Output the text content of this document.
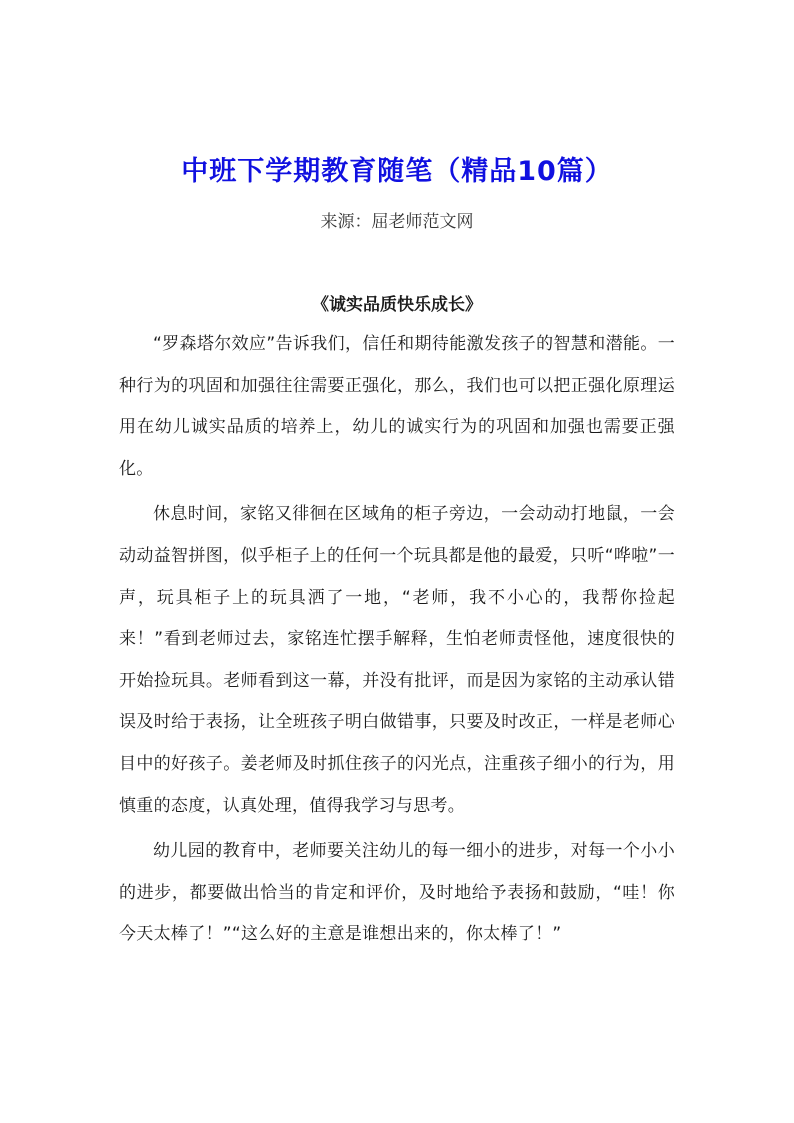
中班下学期教育随笔（精品10篇）
来源：屈老师范文网
《诚实品质快乐成长》

“罗森塔尔效应”告诉我们，信任和期待能激发孩子的智慧和潜能。一种行为的巩固和加强往往需要正强化，那么，我们也可以把正强化原理运用在幼儿诚实品质的培养上，幼儿的诚实行为的巩固和加强也需要正强化。

休息时间，家铭又徘徊在区域角的柜子旁边，一会动动打地鼠，一会动动益智拼图，似乎柜子上的任何一个玩具都是他的最爱，只听“哗啦”一声，玩具柜子上的玩具洒了一地，“老师，我不小心的，我帮你捡起来！”看到老师过去，家铭连忙摆手解释，生怕老师责怪他，速度很快的开始捡玩具。老师看到这一幕，并没有批评，而是因为家铭的主动承认错误及时给于表扬，让全班孩子明白做错事，只要及时改正，一样是老师心目中的好孩子。姜老师及时抓住孩子的闪光点，注重孩子细小的行为，用慎重的态度，认真处理，值得我学习与思考。

幼儿园的教育中，老师要关注幼儿的每一细小的进步，对每一个小小的进步，都要做出恰当的肯定和评价，及时地给予表扬和鼓励，“哇！你今天太棒了！”“这么好的主意是谁想出来的，你太棒了！”
